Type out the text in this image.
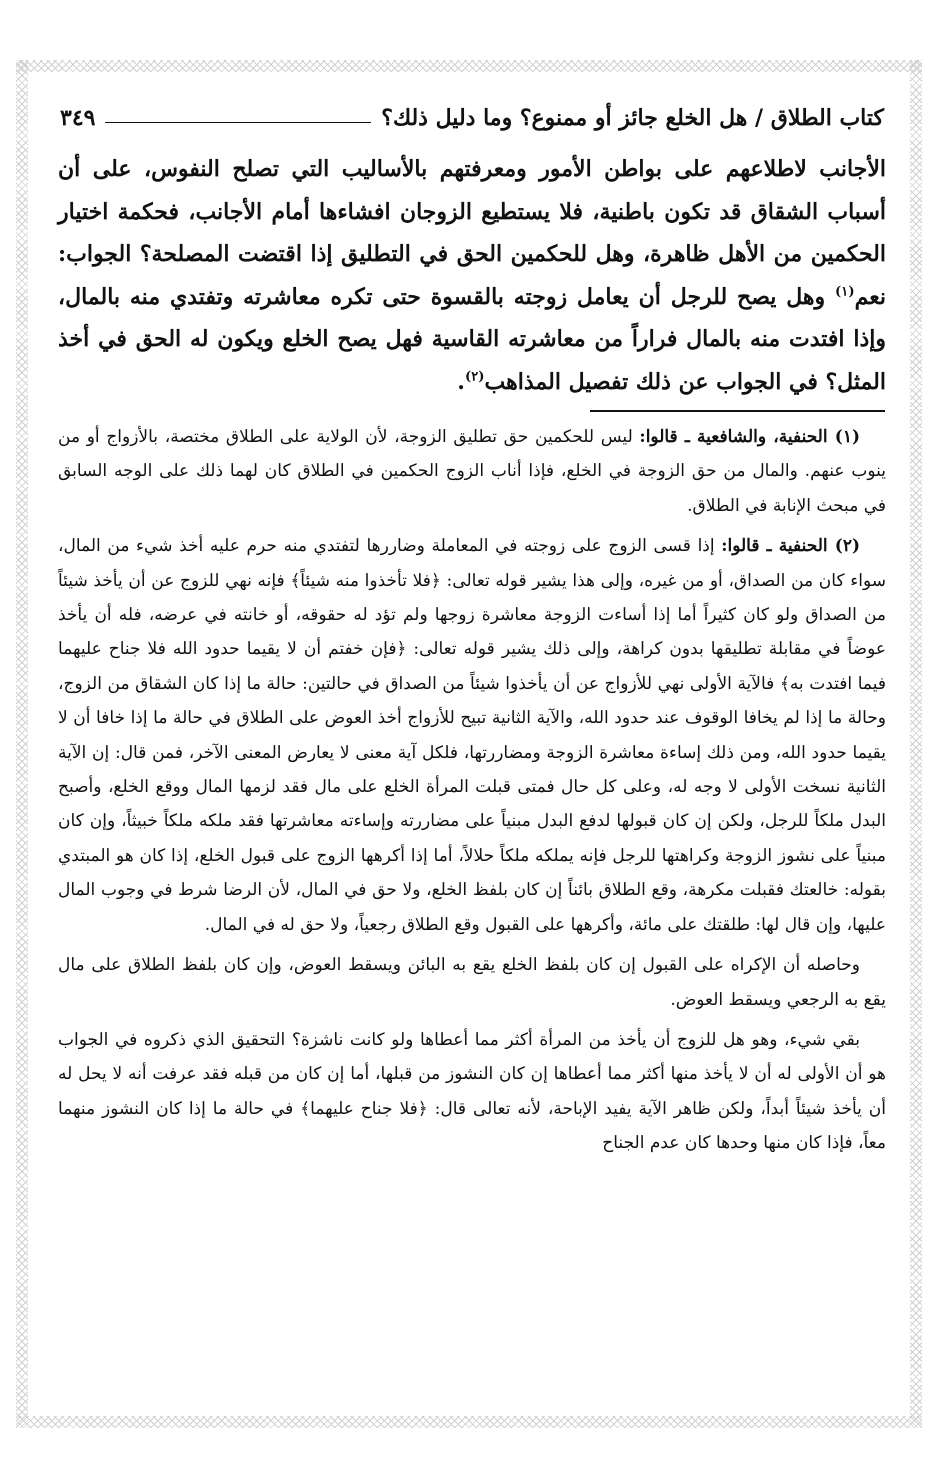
كتاب الطلاق / هل الخلع جائز أو ممنوع؟ وما دليل ذلك؟
٣٤٩

الأجانب لاطلاعهم على بواطن الأمور ومعرفتهم بالأساليب التي تصلح النفوس، على أن أسباب الشقاق قد تكون باطنية، فلا يستطيع الزوجان افشاءها أمام الأجانب، فحكمة اختيار الحكمين من الأهل ظاهرة، وهل للحكمين الحق في التطليق إذا اقتضت المصلحة؟ الجواب: نعم$^{(١)}$ وهل يصح للرجل أن يعامل زوجته بالقسوة حتى تكره معاشرته وتفتدي منه بالمال، وإذا افتدت منه بالمال فراراً من معاشرته القاسية فهل يصح الخلع ويكون له الحق في أخذ المثل؟ في الجواب عن ذلك تفصيل المذاهب$^{(٢)}$.

(١) الحنفية، والشافعية ـ قالوا: ليس للحكمين حق تطليق الزوجة، لأن الولاية على الطلاق مختصة، بالأزواج أو من ينوب عنهم. والمال من حق الزوجة في الخلع، فإذا أناب الزوج الحكمين في الطلاق كان لهما ذلك على الوجه السابق في مبحث الإنابة في الطلاق.

(٢) الحنفية ـ قالوا: إذا قسى الزوج على زوجته في المعاملة وضاررها لتفتدي منه حرم عليه أخذ شيء من المال، سواء كان من الصداق، أو من غيره، وإلى هذا يشير قوله تعالى: ﴿فلا تأخذوا منه شيئاً﴾ فإنه نهي للزوج عن أن يأخذ شيئاً من الصداق ولو كان كثيراً أما إذا أساءت الزوجة معاشرة زوجها ولم تؤد له حقوقه، أو خانته في عرضه، فله أن يأخذ عوضاً في مقابلة تطليقها بدون كراهة، وإلى ذلك يشير قوله تعالى: ﴿فإن خفتم أن لا يقيما حدود الله فلا جناح عليهما فيما افتدت به﴾ فالآية الأولى نهي للأزواج عن أن يأخذوا شيئاً من الصداق في حالتين: حالة ما إذا كان الشقاق من الزوج، وحالة ما إذا لم يخافا الوقوف عند حدود الله، والآية الثانية تبيح للأزواج أخذ العوض على الطلاق في حالة ما إذا خافا أن لا يقيما حدود الله، ومن ذلك إساءة معاشرة الزوجة ومضاررتها، فلكل آية معنى لا يعارض المعنى الآخر، فمن قال: إن الآية الثانية نسخت الأولى لا وجه له، وعلى كل حال فمتى قبلت المرأة الخلع على مال فقد لزمها المال ووقع الخلع، وأصبح البدل ملكاً للرجل، ولكن إن كان قبولها لدفع البدل مبنياً على مضاررته وإساءته معاشرتها فقد ملكه ملكاً خبيثاً، وإن كان مبنياً على نشوز الزوجة وكراهتها للرجل فإنه يملكه ملكاً حلالاً، أما إذا أكرهها الزوج على قبول الخلع، إذا كان هو المبتدي بقوله: خالعتك فقبلت مكرهة، وقع الطلاق بائناً إن كان بلفظ الخلع، ولا حق في المال، لأن الرضا شرط في وجوب المال عليها، وإن قال لها: طلقتك على مائة، وأكرهها على القبول وقع الطلاق رجعياً، ولا حق له في المال.

وحاصله أن الإكراه على القبول إن كان بلفظ الخلع يقع به البائن ويسقط العوض، وإن كان بلفظ الطلاق على مال يقع به الرجعي ويسقط العوض.

بقي شيء، وهو هل للزوج أن يأخذ من المرأة أكثر مما أعطاها ولو كانت ناشزة؟ التحقيق الذي ذكروه في الجواب هو أن الأولى له أن لا يأخذ منها أكثر مما أعطاها إن كان النشوز من قبلها، أما إن كان من قبله فقد عرفت أنه لا يحل له أن يأخذ شيئاً أبداً، ولكن ظاهر الآية يفيد الإباحة، لأنه تعالى قال: ﴿فلا جناح عليهما﴾ في حالة ما إذا كان النشوز منهما معاً، فإذا كان منها وحدها كان عدم الجناح
